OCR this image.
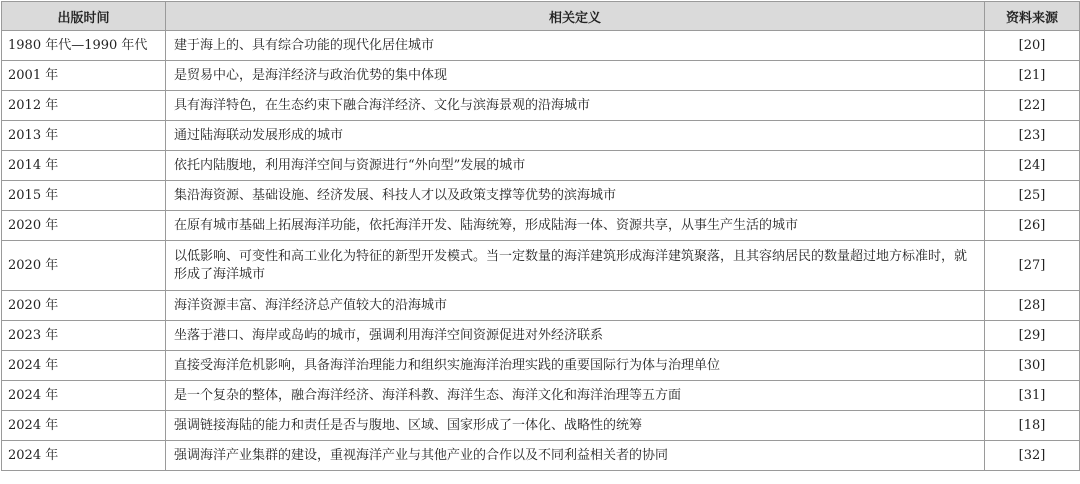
出版时间	相关定义	资料来源
1980 年代—1990 年代	建于海上的、具有综合功能的现代化居住城市	[20]
2001 年	是贸易中心，是海洋经济与政治优势的集中体现	[21]
2012 年	具有海洋特色，在生态约束下融合海洋经济、文化与滨海景观的沿海城市	[22]
2013 年	通过陆海联动发展形成的城市	[23]
2014 年	依托内陆腹地，利用海洋空间与资源进行“外向型”发展的城市	[24]
2015 年	集沿海资源、基础设施、经济发展、科技人才以及政策支撑等优势的滨海城市	[25]
2020 年	在原有城市基础上拓展海洋功能，依托海洋开发、陆海统筹，形成陆海一体、资源共享，从事生产生活的城市	[26]
2020 年	以低影响、可变性和高工业化为特征的新型开发模式。当一定数量的海洋建筑形成海洋建筑聚落，且其容纳居民的数量超过地方标准时，就形成了海洋城市	[27]
2020 年	海洋资源丰富、海洋经济总产值较大的沿海城市	[28]
2023 年	坐落于港口、海岸或岛屿的城市，强调利用海洋空间资源促进对外经济联系	[29]
2024 年	直接受海洋危机影响，具备海洋治理能力和组织实施海洋治理实践的重要国际行为体与治理单位	[30]
2024 年	是一个复杂的整体，融合海洋经济、海洋科教、海洋生态、海洋文化和海洋治理等五方面	[31]
2024 年	强调链接海陆的能力和责任是否与腹地、区域、国家形成了一体化、战略性的统筹	[18]
2024 年	强调海洋产业集群的建设，重视海洋产业与其他产业的合作以及不同利益相关者的协同	[32]
